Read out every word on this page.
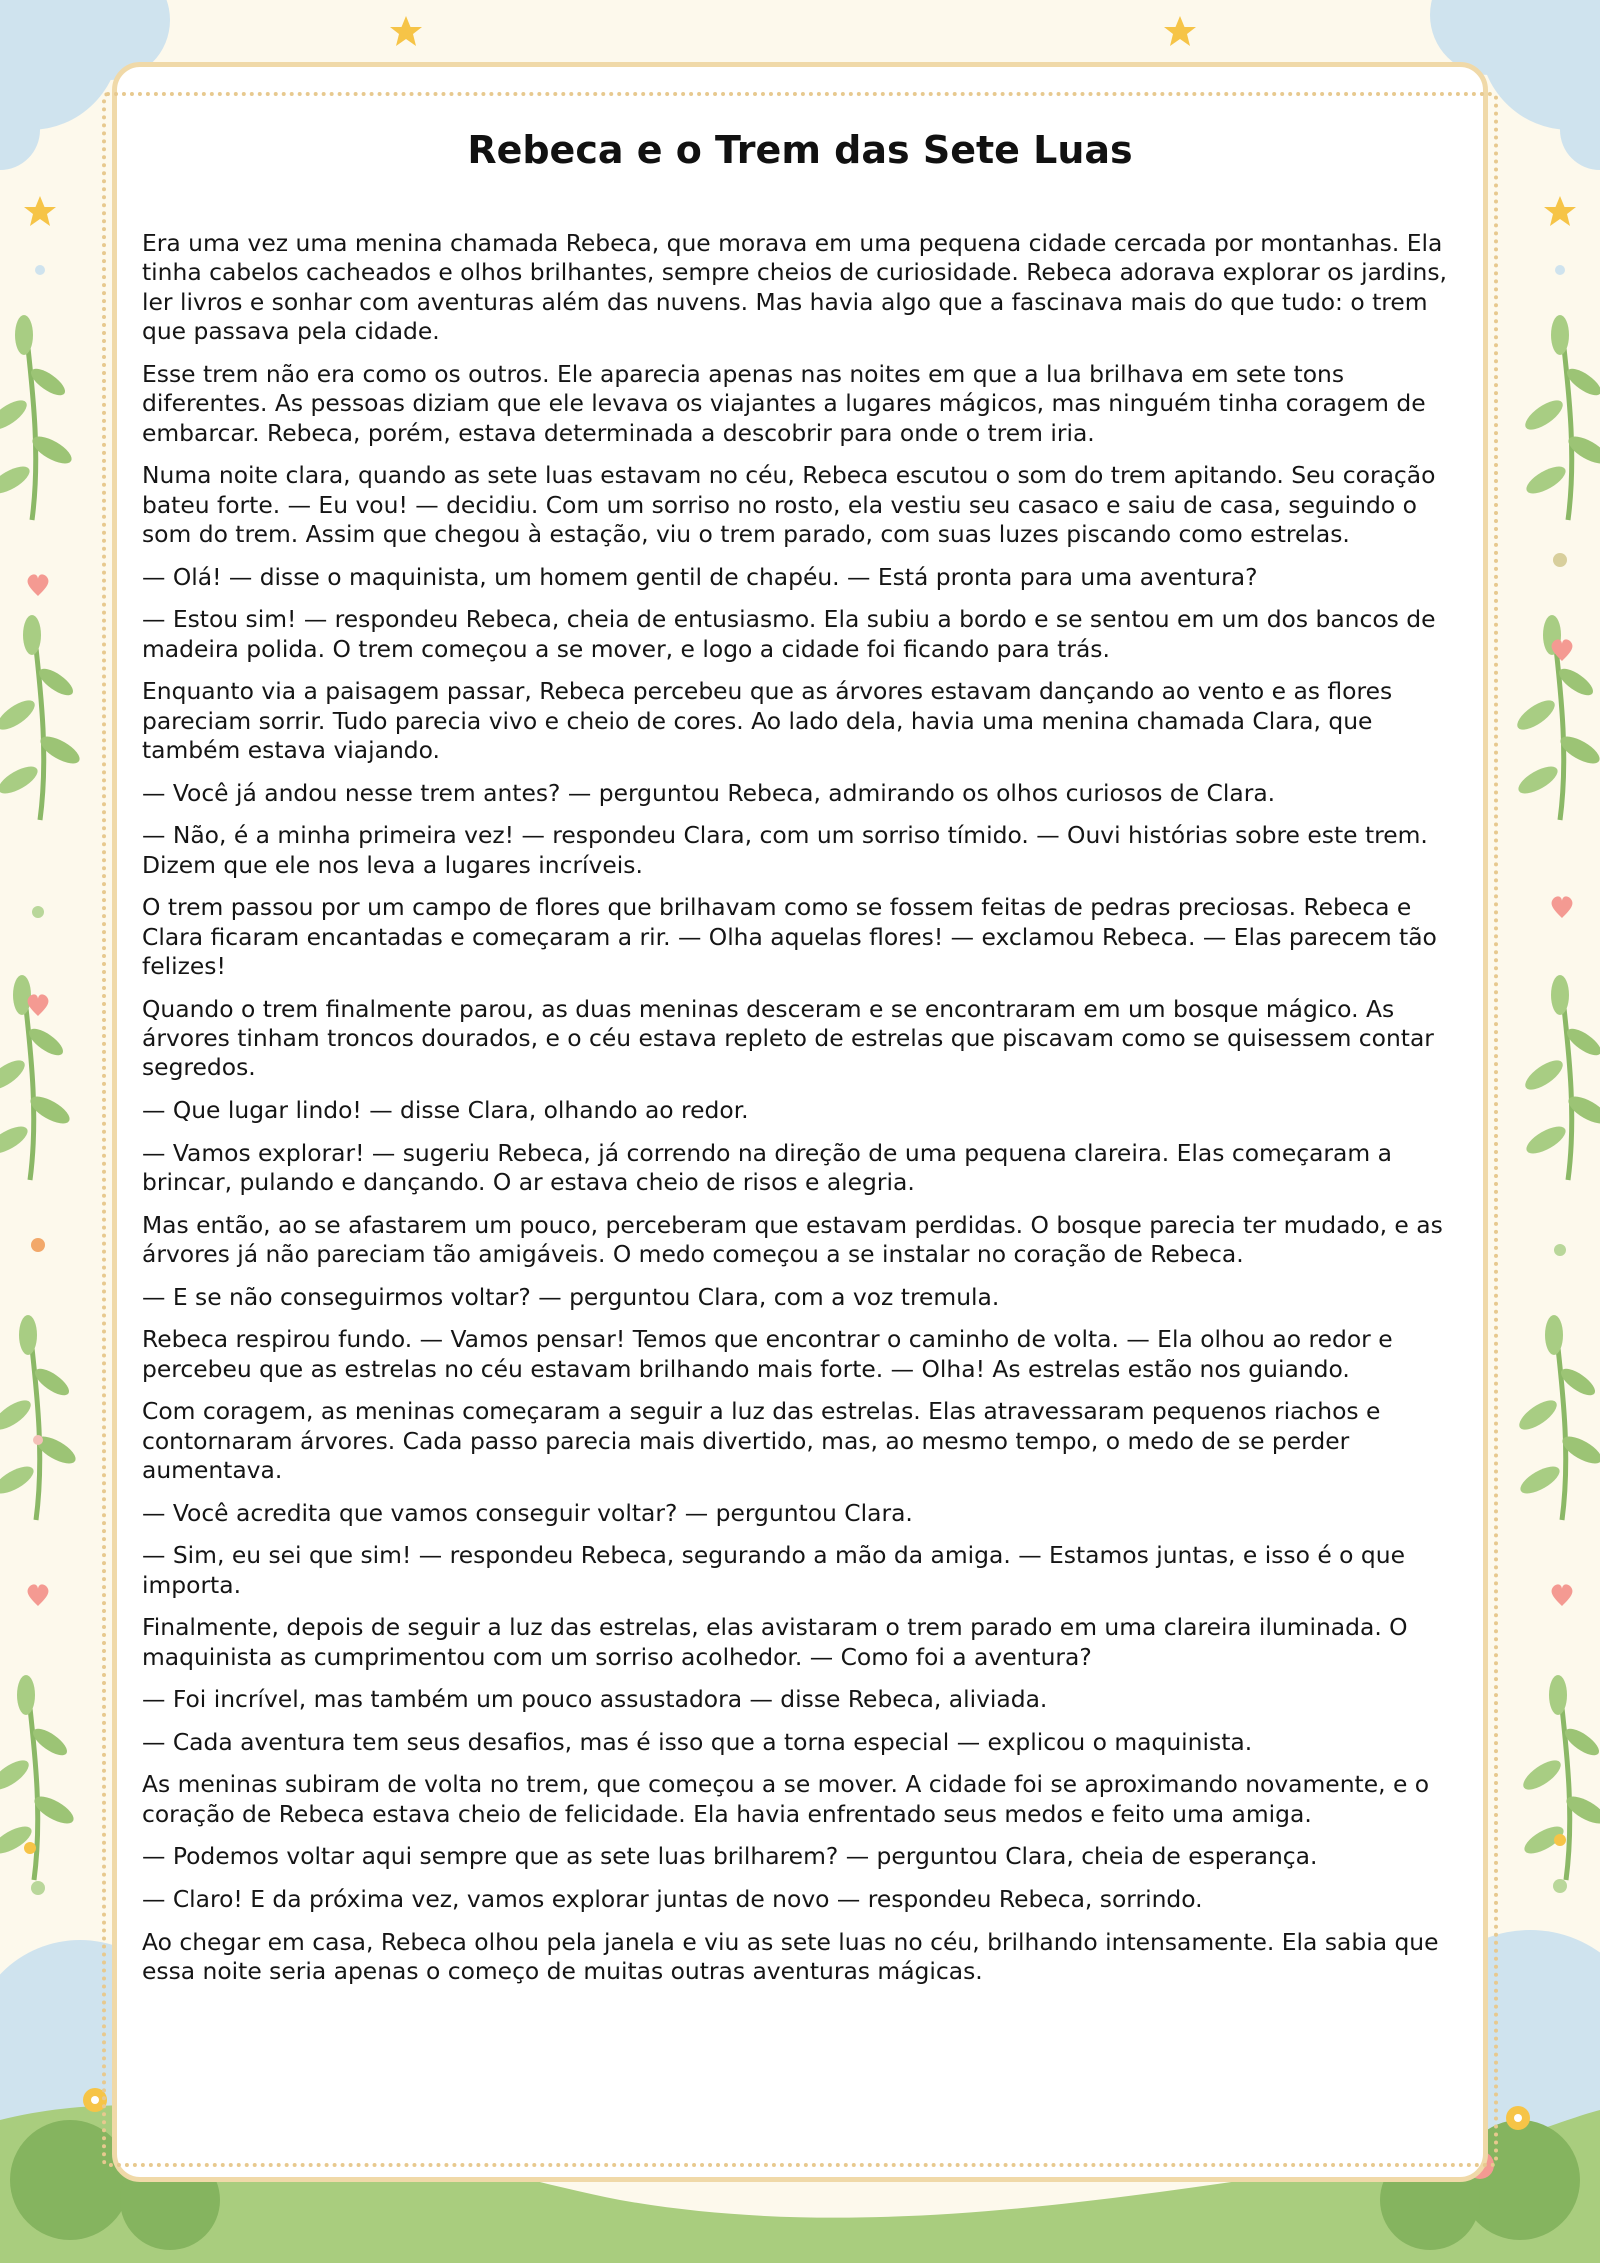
Rebeca e o Trem das Sete Luas

Era uma vez uma menina chamada Rebeca, que morava em uma pequena cidade cercada por montanhas. Ela tinha cabelos cacheados e olhos brilhantes, sempre cheios de curiosidade. Rebeca adorava explorar os jardins, ler livros e sonhar com aventuras além das nuvens. Mas havia algo que a fascinava mais do que tudo: o trem que passava pela cidade.

Esse trem não era como os outros. Ele aparecia apenas nas noites em que a lua brilhava em sete tons diferentes. As pessoas diziam que ele levava os viajantes a lugares mágicos, mas ninguém tinha coragem de embarcar. Rebeca, porém, estava determinada a descobrir para onde o trem iria.

Numa noite clara, quando as sete luas estavam no céu, Rebeca escutou o som do trem apitando. Seu coração bateu forte. — Eu vou! — decidiu. Com um sorriso no rosto, ela vestiu seu casaco e saiu de casa, seguindo o som do trem. Assim que chegou à estação, viu o trem parado, com suas luzes piscando como estrelas.

— Olá! — disse o maquinista, um homem gentil de chapéu. — Está pronta para uma aventura?

— Estou sim! — respondeu Rebeca, cheia de entusiasmo. Ela subiu a bordo e se sentou em um dos bancos de madeira polida. O trem começou a se mover, e logo a cidade foi ficando para trás.

Enquanto via a paisagem passar, Rebeca percebeu que as árvores estavam dançando ao vento e as flores pareciam sorrir. Tudo parecia vivo e cheio de cores. Ao lado dela, havia uma menina chamada Clara, que também estava viajando.

— Você já andou nesse trem antes? — perguntou Rebeca, admirando os olhos curiosos de Clara.

— Não, é a minha primeira vez! — respondeu Clara, com um sorriso tímido. — Ouvi histórias sobre este trem. Dizem que ele nos leva a lugares incríveis.

O trem passou por um campo de flores que brilhavam como se fossem feitas de pedras preciosas. Rebeca e Clara ficaram encantadas e começaram a rir. — Olha aquelas flores! — exclamou Rebeca. — Elas parecem tão felizes!

Quando o trem finalmente parou, as duas meninas desceram e se encontraram em um bosque mágico. As árvores tinham troncos dourados, e o céu estava repleto de estrelas que piscavam como se quisessem contar segredos.

— Que lugar lindo! — disse Clara, olhando ao redor.

— Vamos explorar! — sugeriu Rebeca, já correndo na direção de uma pequena clareira. Elas começaram a brincar, pulando e dançando. O ar estava cheio de risos e alegria.

Mas então, ao se afastarem um pouco, perceberam que estavam perdidas. O bosque parecia ter mudado, e as árvores já não pareciam tão amigáveis. O medo começou a se instalar no coração de Rebeca.

— E se não conseguirmos voltar? — perguntou Clara, com a voz tremula.

Rebeca respirou fundo. — Vamos pensar! Temos que encontrar o caminho de volta. — Ela olhou ao redor e percebeu que as estrelas no céu estavam brilhando mais forte. — Olha! As estrelas estão nos guiando.

Com coragem, as meninas começaram a seguir a luz das estrelas. Elas atravessaram pequenos riachos e contornaram árvores. Cada passo parecia mais divertido, mas, ao mesmo tempo, o medo de se perder aumentava.

— Você acredita que vamos conseguir voltar? — perguntou Clara.

— Sim, eu sei que sim! — respondeu Rebeca, segurando a mão da amiga. — Estamos juntas, e isso é o que importa.

Finalmente, depois de seguir a luz das estrelas, elas avistaram o trem parado em uma clareira iluminada. O maquinista as cumprimentou com um sorriso acolhedor. — Como foi a aventura?

— Foi incrível, mas também um pouco assustadora — disse Rebeca, aliviada.

— Cada aventura tem seus desafios, mas é isso que a torna especial — explicou o maquinista.

As meninas subiram de volta no trem, que começou a se mover. A cidade foi se aproximando novamente, e o coração de Rebeca estava cheio de felicidade. Ela havia enfrentado seus medos e feito uma amiga.

— Podemos voltar aqui sempre que as sete luas brilharem? — perguntou Clara, cheia de esperança.

— Claro! E da próxima vez, vamos explorar juntas de novo — respondeu Rebeca, sorrindo.

Ao chegar em casa, Rebeca olhou pela janela e viu as sete luas no céu, brilhando intensamente. Ela sabia que essa noite seria apenas o começo de muitas outras aventuras mágicas.
